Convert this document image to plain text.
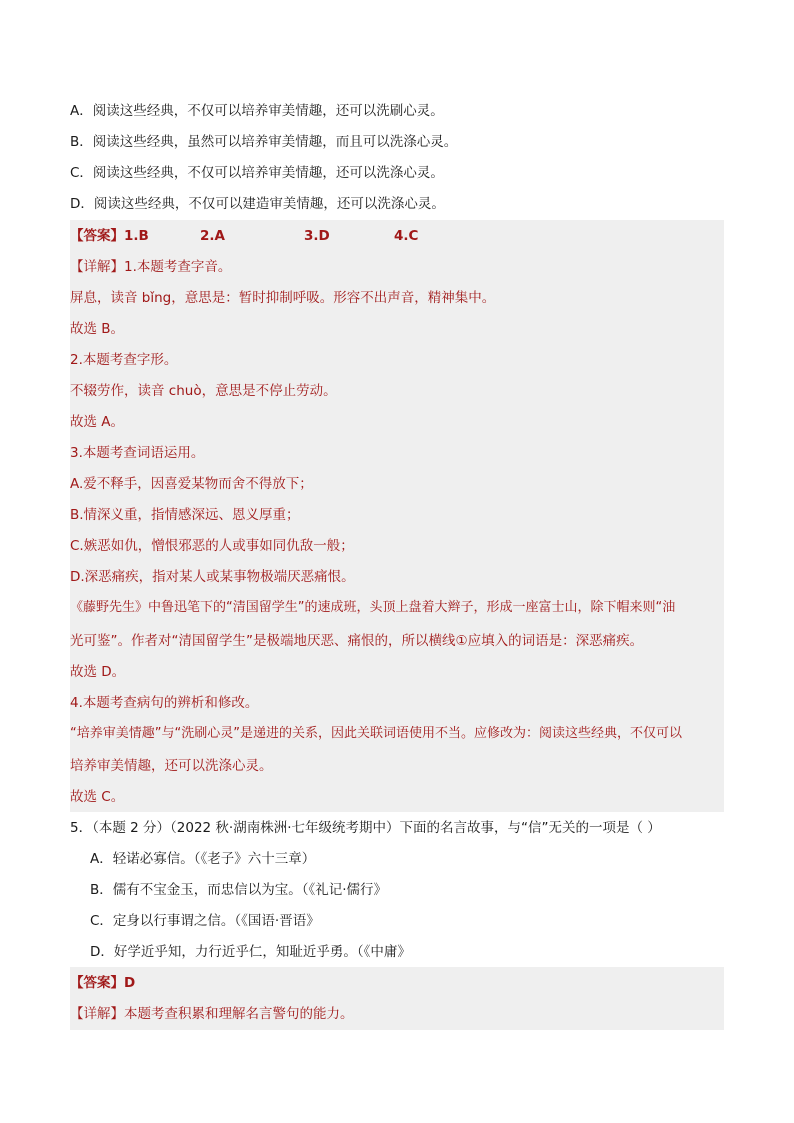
A．阅读这些经典，不仅可以培养审美情趣，还可以洗刷心灵。
B．阅读这些经典，虽然可以培养审美情趣，而且可以洗涤心灵。
C．阅读这些经典，不仅可以培养审美情趣，还可以洗涤心灵。
D．阅读这些经典，不仅可以建造审美情趣，还可以洗涤心灵。
【答案】1.B	2.A	3.D	4.C
【详解】1.本题考查字音。
屏息，读音 bǐng，意思是：暂时抑制呼吸。形容不出声音，精神集中。
故选 B。
2.本题考查字形。
不辍劳作，读音 chuò，意思是不停止劳动。
故选 A。
3.本题考查词语运用。
A.爱不释手，因喜爱某物而舍不得放下；
B.情深义重，指情感深远、恩义厚重；
C.嫉恶如仇，憎恨邪恶的人或事如同仇敌一般；
D.深恶痛疾，指对某人或某事物极端厌恶痛恨。
《藤野先生》中鲁迅笔下的“清国留学生”的速成班，头顶上盘着大辫子，形成一座富士山，除下帽来则“油
光可鉴”。作者对“清国留学生”是极端地厌恶、痛恨的，所以横线①应填入的词语是：深恶痛疾。
故选 D。
4.本题考查病句的辨析和修改。
“培养审美情趣”与“洗刷心灵”是递进的关系，因此关联词语使用不当。应修改为：阅读这些经典，不仅可以
培养审美情趣，还可以洗涤心灵。
故选 C。
5．（本题 2 分）（2022 秋·湖南株洲·七年级统考期中）下面的名言故事，与“信”无关的一项是（ ）
A．轻诺必寡信。（《老子》六十三章）
B．儒有不宝金玉，而忠信以为宝。（《礼记·儒行》
C．定身以行事谓之信。（《国语·晋语》
D．好学近乎知，力行近乎仁，知耻近乎勇。（《中庸》
【答案】D
【详解】本题考查积累和理解名言警句的能力。
